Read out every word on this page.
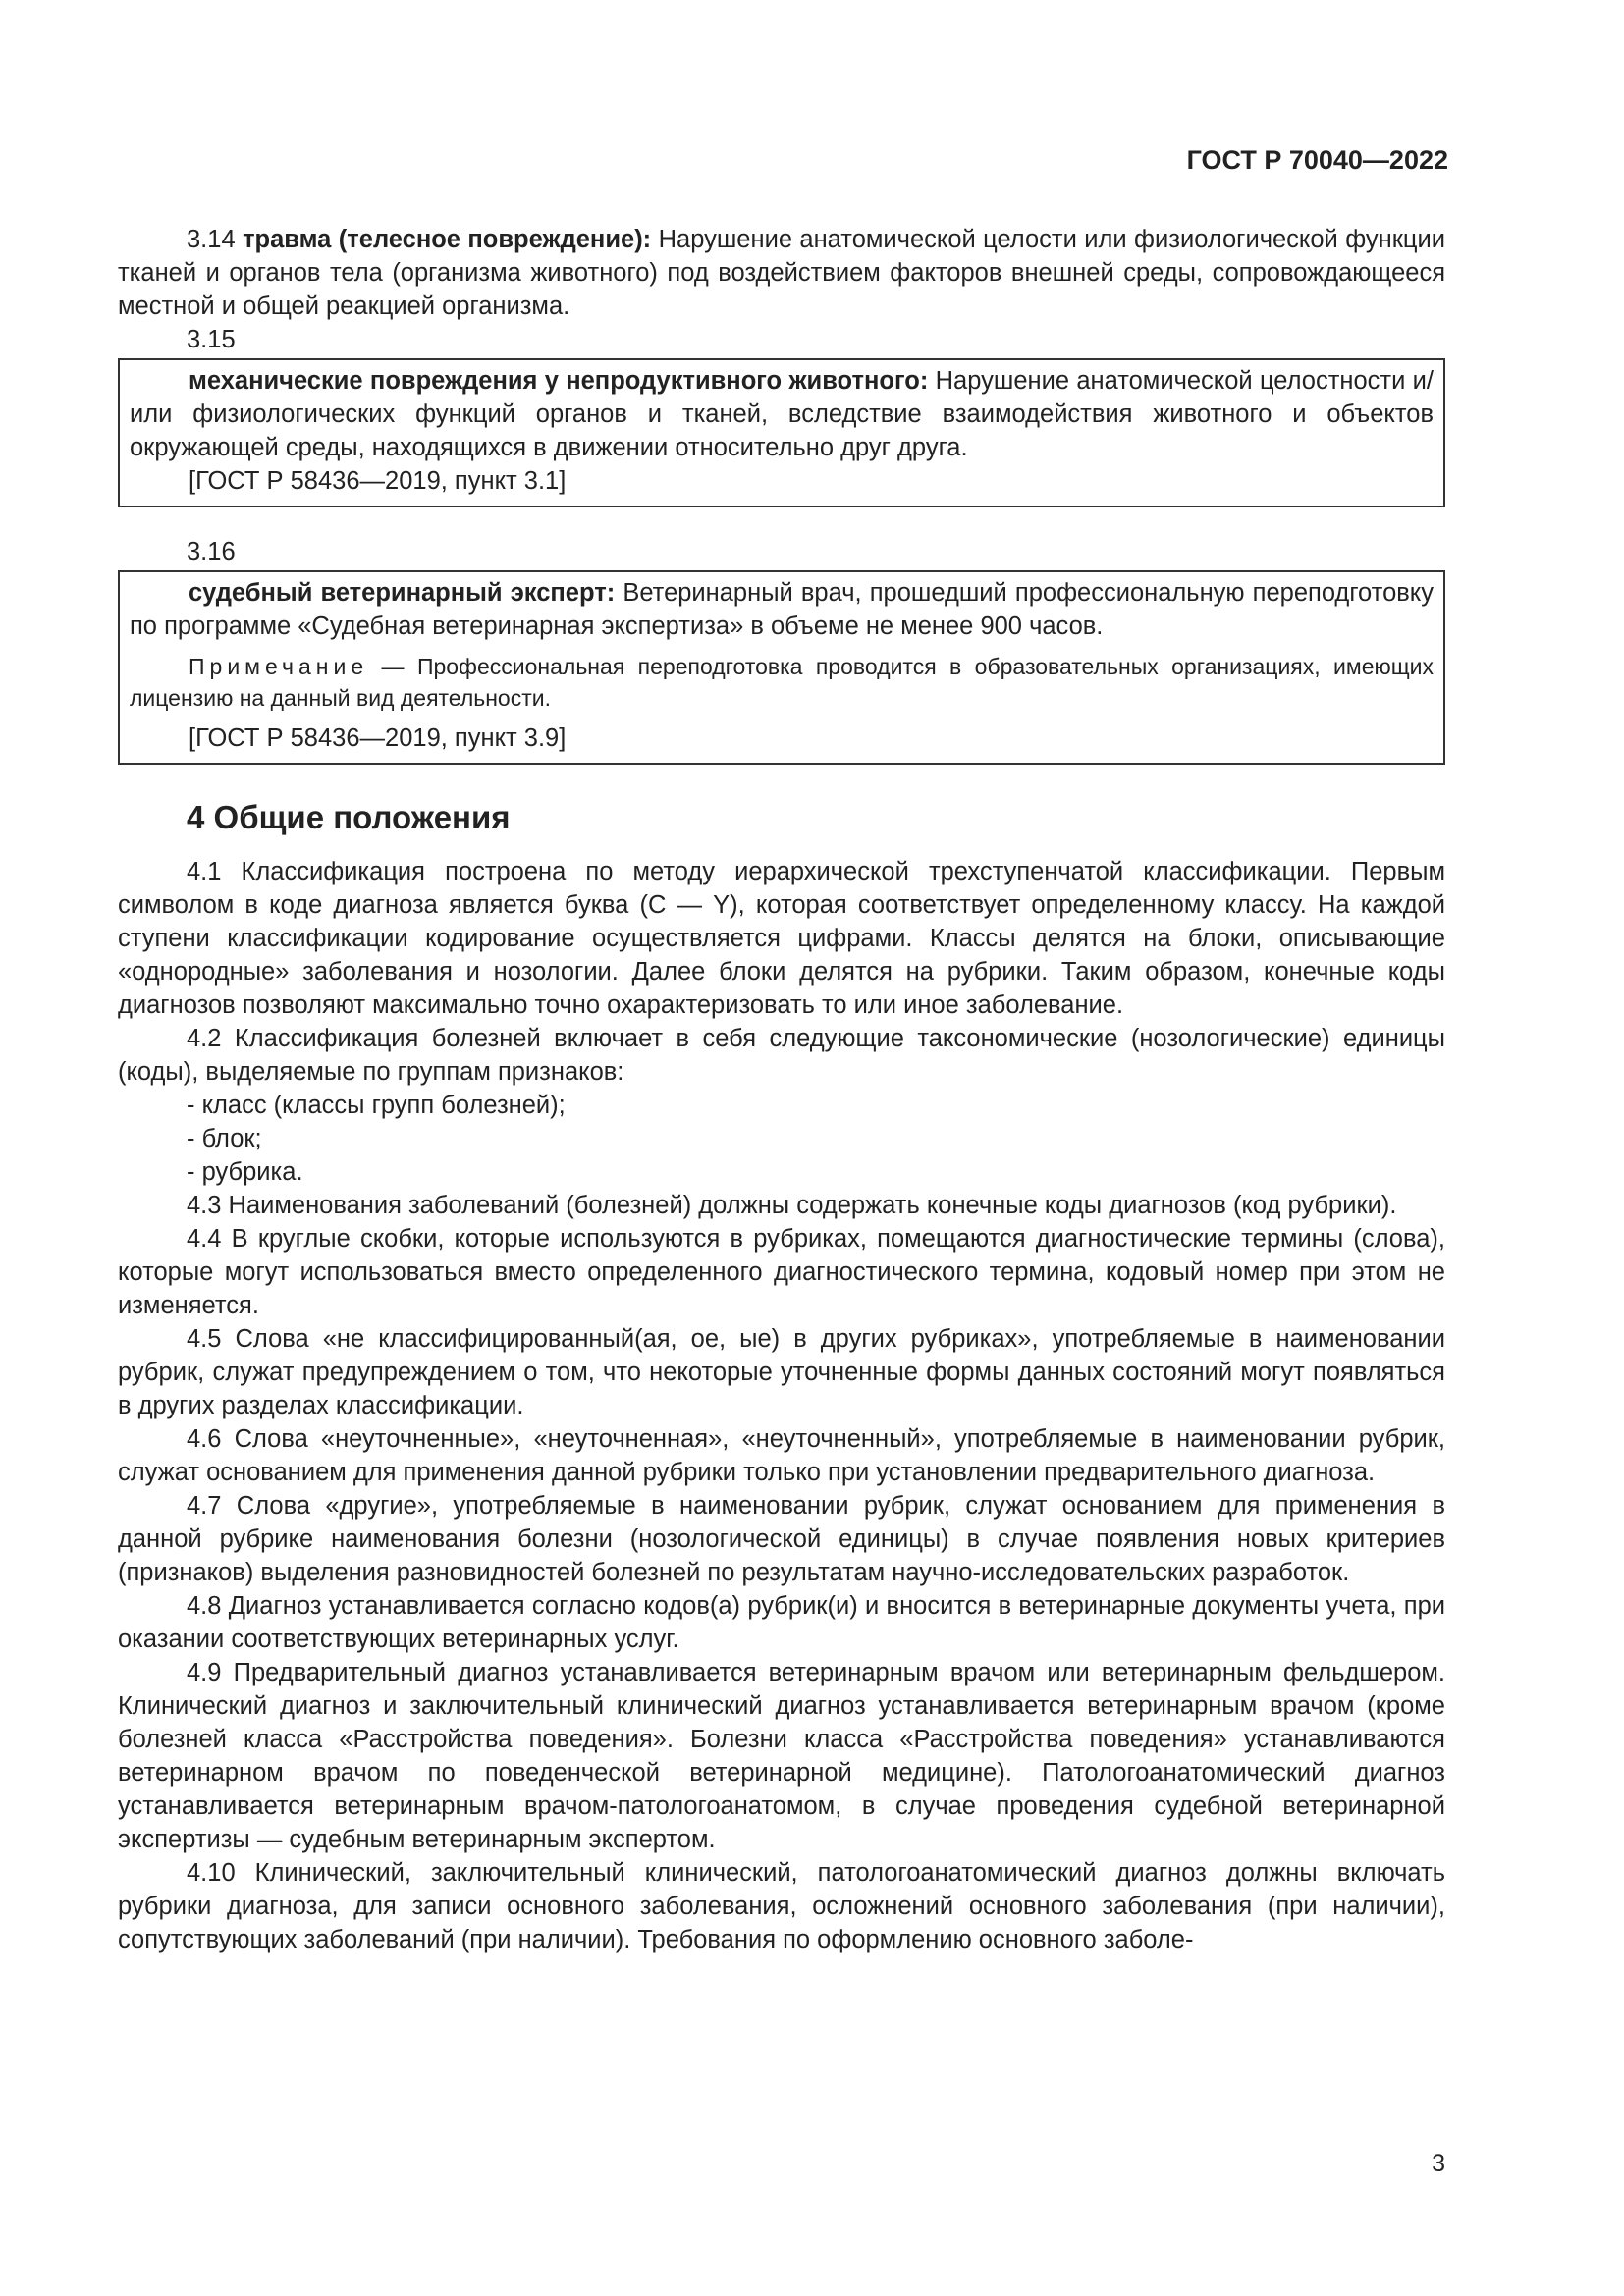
ГОСТ Р 70040—2022

3.14 травма (телесное повреждение): Нарушение анатомической целости или физиологической функции тканей и органов тела (организма животного) под воздействием факторов внешней среды, сопровождающееся местной и общей реакцией организма.

3.15

механические повреждения у непродуктивного животного: Нарушение анатомической целостности и/или физиологических функций органов и тканей, вследствие взаимодействия животного и объектов окружающей среды, находящихся в движении относительно друг друга.

[ГОСТ Р 58436—2019, пункт 3.1]

3.16

судебный ветеринарный эксперт: Ветеринарный врач, прошедший профессиональную переподготовку по программе «Судебная ветеринарная экспертиза» в объеме не менее 900 часов.

Примечание — Профессиональная переподготовка проводится в образовательных организациях, имеющих лицензию на данный вид деятельности.

[ГОСТ Р 58436—2019, пункт 3.9]

4 Общие положения

4.1 Классификация построена по методу иерархической трехступенчатой классификации. Первым символом в коде диагноза является буква (С — Y), которая соответствует определенному классу. На каждой ступени классификации кодирование осуществляется цифрами. Классы делятся на блоки, описывающие «однородные» заболевания и нозологии. Далее блоки делятся на рубрики. Таким образом, конечные коды диагнозов позволяют максимально точно охарактеризовать то или иное заболевание.

4.2 Классификация болезней включает в себя следующие таксономические (нозологические) единицы (коды), выделяемые по группам признаков:

- класс (классы групп болезней);
- блок;
- рубрика.

4.3 Наименования заболеваний (болезней) должны содержать конечные коды диагнозов (код рубрики).

4.4 В круглые скобки, которые используются в рубриках, помещаются диагностические термины (слова), которые могут использоваться вместо определенного диагностического термина, кодовый номер при этом не изменяется.

4.5 Слова «не классифицированный(ая, ое, ые) в других рубриках», употребляемые в наименовании рубрик, служат предупреждением о том, что некоторые уточненные формы данных состояний могут появляться в других разделах классификации.

4.6 Слова «неуточненные», «неуточненная», «неуточненный», употребляемые в наименовании рубрик, служат основанием для применения данной рубрики только при установлении предварительного диагноза.

4.7 Слова «другие», употребляемые в наименовании рубрик, служат основанием для применения в данной рубрике наименования болезни (нозологической единицы) в случае появления новых критериев (признаков) выделения разновидностей болезней по результатам научно-исследовательских разработок.

4.8 Диагноз устанавливается согласно кодов(а) рубрик(и) и вносится в ветеринарные документы учета, при оказании соответствующих ветеринарных услуг.

4.9 Предварительный диагноз устанавливается ветеринарным врачом или ветеринарным фельдшером. Клинический диагноз и заключительный клинический диагноз устанавливается ветеринарным врачом (кроме болезней класса «Расстройства поведения». Болезни класса «Расстройства поведения» устанавливаются ветеринарном врачом по поведенческой ветеринарной медицине). Патологоанатомический диагноз устанавливается ветеринарным врачом-патологоанатомом, в случае проведения судебной ветеринарной экспертизы — судебным ветеринарным экспертом.

4.10 Клинический, заключительный клинический, патологоанатомический диагноз должны включать рубрики диагноза, для записи основного заболевания, осложнений основного заболевания (при наличии), сопутствующих заболеваний (при наличии). Требования по оформлению основного заболе-

3
